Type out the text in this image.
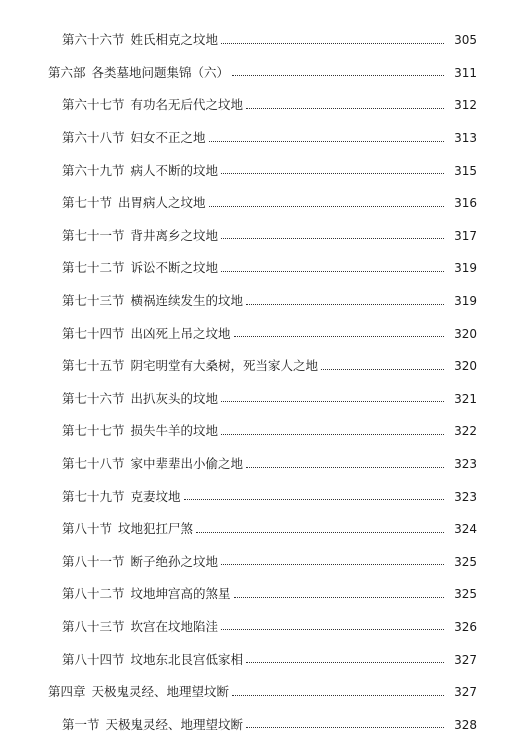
第六十六节 姓氏相克之坟地	305
第六部 各类墓地问题集锦（六）	311
第六十七节 有功名无后代之坟地	312
第六十八节 妇女不正之地	313
第六十九节 病人不断的坟地	315
第七十节 出胃病人之坟地	316
第七十一节 背井离乡之坟地	317
第七十二节 诉讼不断之坟地	319
第七十三节 横祸连续发生的坟地	319
第七十四节 出凶死上吊之坟地	320
第七十五节 阴宅明堂有大桑树，死当家人之地	320
第七十六节 出扒灰头的坟地	321
第七十七节 损失牛羊的坟地	322
第七十八节 家中辈辈出小偷之地	323
第七十九节 克妻坟地	323
第八十节 坟地犯扛尸煞	324
第八十一节 断子绝孙之坟地	325
第八十二节 坟地坤宫高的煞星	325
第八十三节 坎宫在坟地陷洼	326
第八十四节 坟地东北艮宫低家相	327
第四章 天极鬼灵经、地理望坟断	327
第一节 天极鬼灵经、地理望坟断	328
